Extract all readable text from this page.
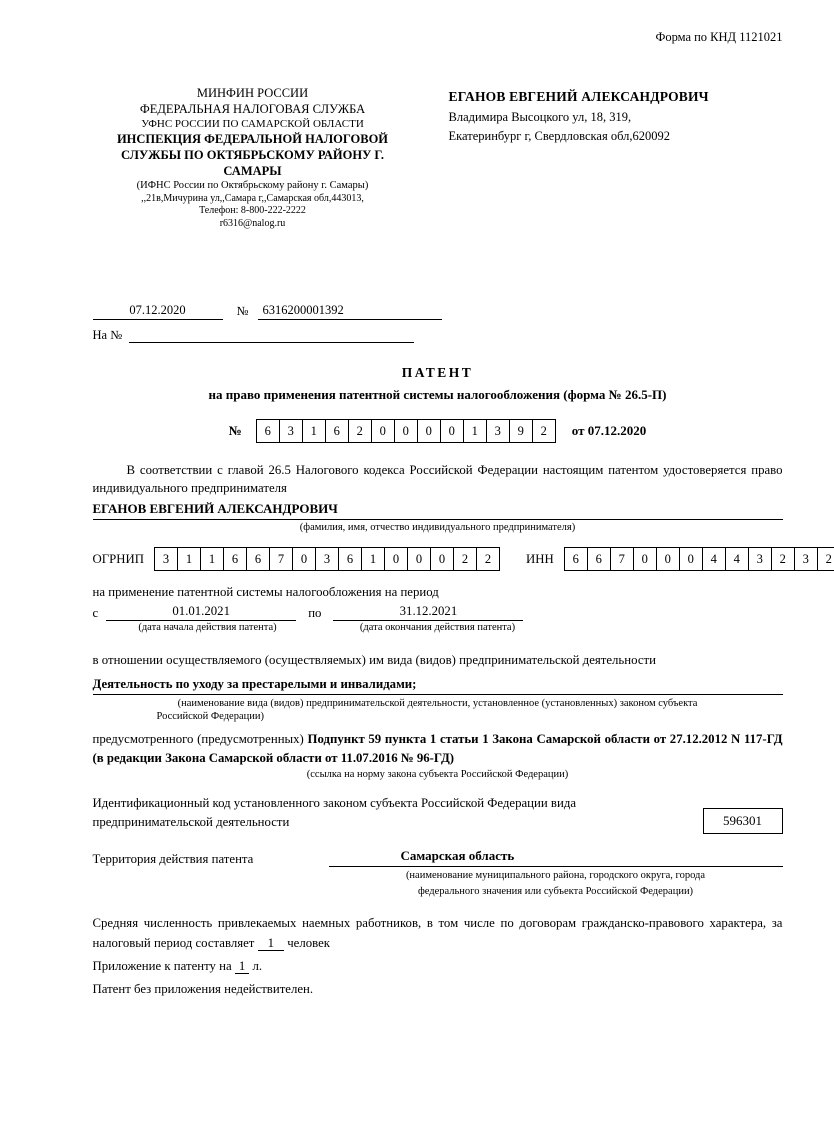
Форма по КНД 1121021
МИНФИН РОССИИ
ФЕДЕРАЛЬНАЯ НАЛОГОВАЯ СЛУЖБА
УФНС РОССИИ ПО САМАРСКОЙ ОБЛАСТИ
ИНСПЕКЦИЯ ФЕДЕРАЛЬНОЙ НАЛОГОВОЙ
СЛУЖБЫ ПО ОКТЯБРЬСКОМУ РАЙОНУ Г. САМАРЫ
(ИФНС России по Октябрьскому району г. Самары)
,,21в,Мичурина ул,,Самара г,,Самарская обл,443013,
Телефон: 8-800-222-2222
r6316@nalog.ru
ЕГАНОВ ЕВГЕНИЙ АЛЕКСАНДРОВИЧ
Владимира Высоцкого ул, 18, 319,
Екатеринбург г, Свердловская обл,620092
07.12.2020	№	6316200001392
На №

ПАТЕНТ
на право применения патентной системы налогообложения (форма № 26.5-П)
№	6	3	1	6	2	0	0	0	0	1	3	9	2	от 07.12.2020
В соответствии с главой 26.5 Налогового кодекса Российской Федерации настоящим патентом удостоверяется право индивидуального предпринимателя
ЕГАНОВ ЕВГЕНИЙ АЛЕКСАНДРОВИЧ
(фамилия, имя, отчество индивидуального предпринимателя)
ОГРНИП	3	1	1	6	6	7	0	3	6	1	0	0	0	2	2	ИНН	6	6	7	0	0	0	4	4	3	2	3	2
на применение патентной системы налогообложения на период
с	01.01.2021	по	31.12.2021
(дата начала действия патента)	(дата окончания действия патента)
в отношении осуществляемого (осуществляемых) им вида (видов) предпринимательской деятельности
Деятельность по уходу за престарелыми и инвалидами;
(наименование вида (видов) предпринимательской деятельности, установленное (установленных) законом субъекта
Российской Федерации)
предусмотренного (предусмотренных) Подпункт 59 пункта 1 статьи 1 Закона Самарской области от 27.12.2012 N 117-ГД (в редакции Закона Самарской области от 11.07.2016 № 96-ГД)
(ссылка на норму закона субъекта Российской Федерации)
Идентификационный код установленного законом субъекта Российской Федерации вида предпринимательской деятельности	596301
Территория действия патента	Самарская область
(наименование муниципального района, городского округа, города
федерального значения или субъекта Российской Федерации)
Средняя численность привлекаемых наемных работников, в том числе по договорам гражданско-правового характера, за налоговый период составляет 1 человек
Приложение к патенту на 1 л.
Патент без приложения недействителен.
